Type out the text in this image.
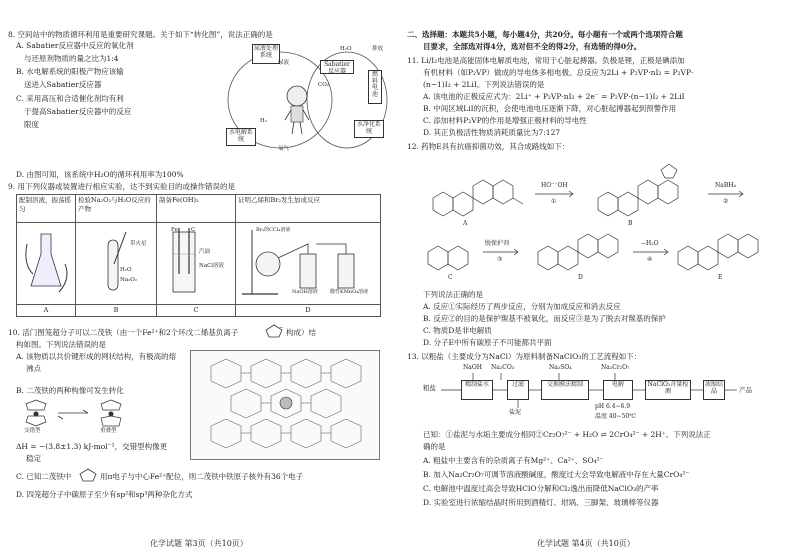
8. 空间站中的物质循环利用是重要研究课题。关于如下“转化图”，说法正确的是

A. Sabatier反应器中反应的氧化剂

与还原剂物质的量之比为1:4

B. 水电解系统的阳极产物应该输

送进入Sabatier反应器

C. 采用高压和合适催化剂均有利

于提高Sabatier反应器中的反应

限度

D. 由图可知，该系统中H₂O的循环利用率为100%

尿液处理系统
Sabatier反应器	燃料电池
水净化系统
水电解系统
尿液
H₂O
CO₂
H₂
氧气
排放

9. 用下列仪器或装置进行相应实验，达不到实验目的或操作错误的是

配制溶液，振荡摇匀	检验Na₂O₂与H₂O反应的产物	制备Fe(OH)₂	证明乙烯和Br₂发生加成反应

H₂O
Na₂O₂
带火星	Fe C
汽油
NaCl溶液	Br₂的CCl₄溶液
NaOH溶液 酸性KMnO₄溶液

A	B	C	D

10. 活门图笼超分子可以二茂铁（由一个Fe²⁺和2个环戊二烯基负离子	− 构成）结

构如图。下列说法错误的是

A. 该物质以共价键形成的网状结构，有极高的熔

沸点

B. 二茂铁的两种构像可发生转化

交错型	重叠型

ΔH = −(3.8±1.3) kJ·mol⁻¹，交错型构像更

稳定

C. 已知二茂铁中	用π电子与中心Fe²⁺配位，则二茂铁中铁原子核外有36个电子

D. 四笼超分子中碳原子至少有sp²和sp³两种杂化方式

化学试题 第3页（共10页）

二、选择题：本题共5小题，每小题4分，共20分。每小题有一个或两个选项符合题

目要求，全部选对得4分，选对但不全的得2分，有选错的得0分。

11. Li/I₂电池是高能固体电解质电池，常用于心脏起搏器。负极是锂，正极是碘添加

有机材料（如P₂VP）做成的导电体多相电极。总反应为2Li + P₂VP·nI₂ = P₂VP·

(n−1)I₂ + 2LiI。下列说法错误的是

A. 该电池的正极反应式为：2Li⁺ + P₂VP·nI₂ + 2e⁻ = P₂VP·(n−1)I₂ + 2LiI

B. 中间区域LiI的沉积，会使电池电压逐渐下降，对心脏起搏器起到预警作用

C. 添加材料P₂VP的作用是增强正极材料的导电性

D. 其正负极活性物质消耗质量比为7:127

12. 药物E具有抗癌抑菌功效，其合成路线如下：

HO⁻⁻OH
①
NaBH₄
②
脱保护剂
③
−H₂O
④
A	B
C	D	E

下列说法正确的是

A. 反应①实际经历了两步反应，分别为加成反应和消去反应

B. 反应②的目的是保护羰基不被氧化，而反应③是为了脱去对羰基的保护

C. 物质D是非电解质

D. 分子E中所有碳原子不可能都共平面

13. 以粗盐（主要成分为NaCl）为原料制备NaClO₃的工艺流程如下：

NaOH Na₂CO₃	Na₂SO₄	Na₂Cr₂O₇
粗盐	精制盐水	过滤	交换膜法精制	电解	NaClO₃含量检测
浓缩结晶	产品
盐泥
pH 6.4∼6.9
温度 40∼50℃

已知：①盐泥与水垢主要成分相同②Cr₂O₇²⁻ + H₂O ⇌ 2CrO₄²⁻ + 2H⁺。下列说法正

确的是

A. 粗盐中主要含有的杂质离子有Mg²⁺、Ca²⁺、SO₄²⁻

B. 加入Na₂Cr₂O₇可调节溶液酸碱度，酸度过大会导致电解液中存在大量CrO₄²⁻

C. 电解池中温度过高会导致HClO分解和Cl₂逸出而降低NaClO₃的产率

D. 实验室进行浓缩结晶时所用到酒精灯、坩埚、三脚架、玻璃棒等仪器

化学试题 第4页（共10页）
